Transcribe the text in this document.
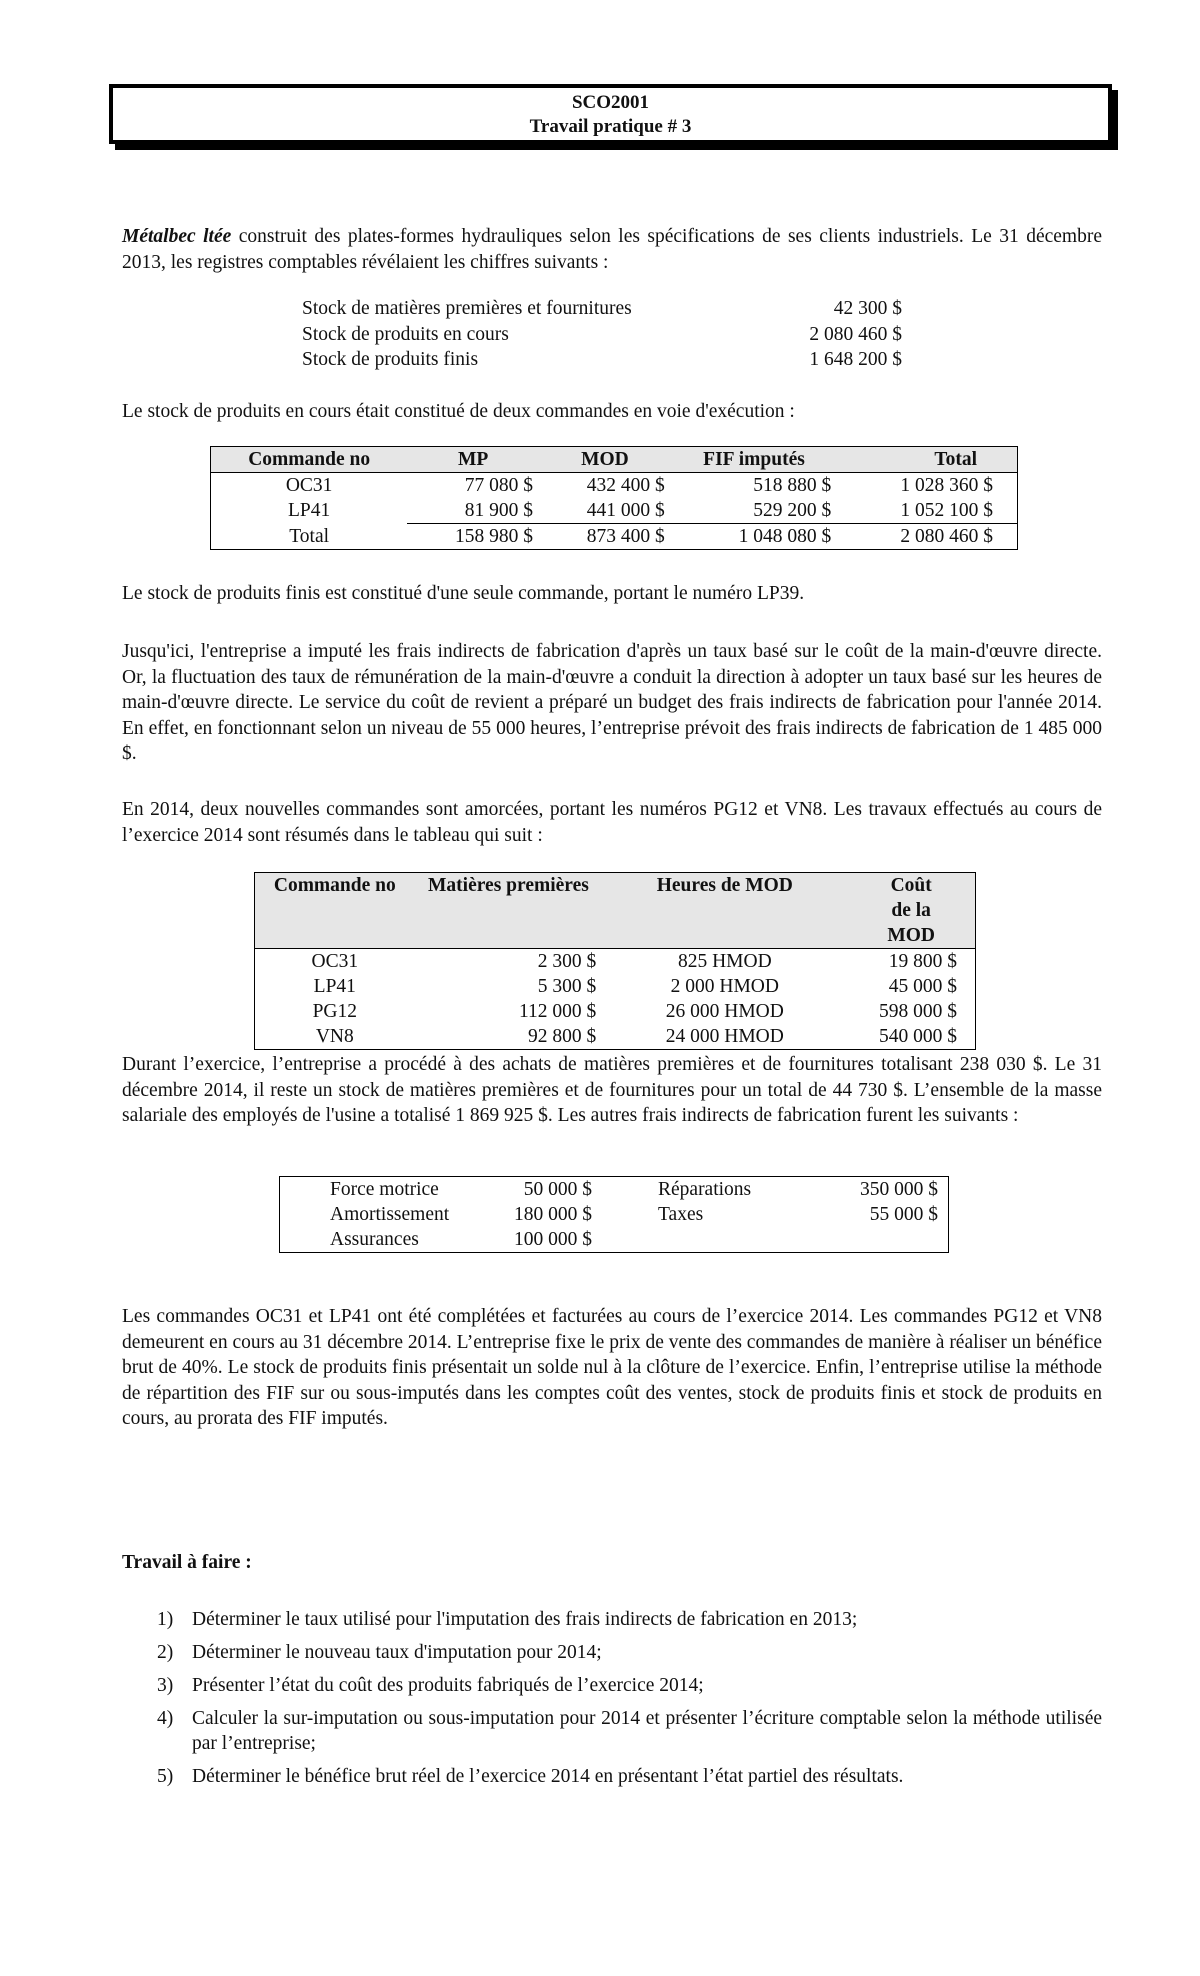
SCO2001
Travail pratique # 3
Métalbec ltée construit des plates-formes hydrauliques selon les spécifications de ses clients industriels. Le 31 décembre 2013, les registres comptables révélaient les chiffres suivants :
Stock de matières premières et fournitures	42 300 $
Stock de produits en cours	2 080 460 $
Stock de produits finis	1 648 200 $
Le stock de produits en cours était constitué de deux commandes en voie d'exécution :
Commande no	MP	MOD	FIF imputés	Total
OC31	77 080 $	432 400 $	518 880 $	1 028 360 $
LP41	81 900 $	441 000 $	529 200 $	1 052 100 $
Total	158 980 $	873 400 $	1 048 080 $	2 080 460 $
Le stock de produits finis est constitué d'une seule commande, portant le numéro LP39.
Jusqu'ici, l'entreprise a imputé les frais indirects de fabrication d'après un taux basé sur le coût de la main-d'œuvre directe. Or, la fluctuation des taux de rémunération de la main-d'œuvre a conduit la direction à adopter un taux basé sur les heures de main-d'œuvre directe. Le service du coût de revient a préparé un budget des frais indirects de fabrication pour l'année 2014. En effet, en fonctionnant selon un niveau de 55 000 heures, l’entreprise prévoit des frais indirects de fabrication de 1 485 000 $.
En 2014, deux nouvelles commandes sont amorcées, portant les numéros PG12 et VN8. Les travaux effectués au cours de l’exercice 2014 sont résumés dans le tableau qui suit :
Commande no	Matières premières	Heures de MOD	Coût de la MOD
OC31	2 300 $	825 HMOD	19 800 $
LP41	5 300 $	2 000 HMOD	45 000 $
PG12	112 000 $	26 000 HMOD	598 000 $
VN8	92 800 $	24 000 HMOD	540 000 $
Durant l’exercice, l’entreprise a procédé à des achats de matières premières et de fournitures totalisant 238 030 $. Le 31 décembre 2014, il reste un stock de matières premières et de fournitures pour un total de 44 730 $. L’ensemble de la masse salariale des employés de l'usine a totalisé 1 869 925 $. Les autres frais indirects de fabrication furent les suivants :
Force motrice	50 000 $	Réparations	350 000 $
Amortissement	180 000 $	Taxes	55 000 $
Assurances	100 000 $		
Les commandes OC31 et LP41 ont été complétées et facturées au cours de l’exercice 2014. Les commandes PG12 et VN8 demeurent en cours au 31 décembre 2014. L’entreprise fixe le prix de vente des commandes de manière à réaliser un bénéfice brut de 40%. Le stock de produits finis présentait un solde nul à la clôture de l’exercice. Enfin, l’entreprise utilise la méthode de répartition des FIF sur ou sous-imputés dans les comptes coût des ventes, stock de produits finis et stock de produits en cours, au prorata des FIF imputés.
Travail à faire :
1) Déterminer le taux utilisé pour l'imputation des frais indirects de fabrication en 2013;
2) Déterminer le nouveau taux d'imputation pour 2014;
3) Présenter l’état du coût des produits fabriqués de l’exercice 2014;
4) Calculer la sur-imputation ou sous-imputation pour 2014 et présenter l’écriture comptable selon la méthode utilisée par l’entreprise;
5) Déterminer le bénéfice brut réel de l’exercice 2014 en présentant l’état partiel des résultats.
